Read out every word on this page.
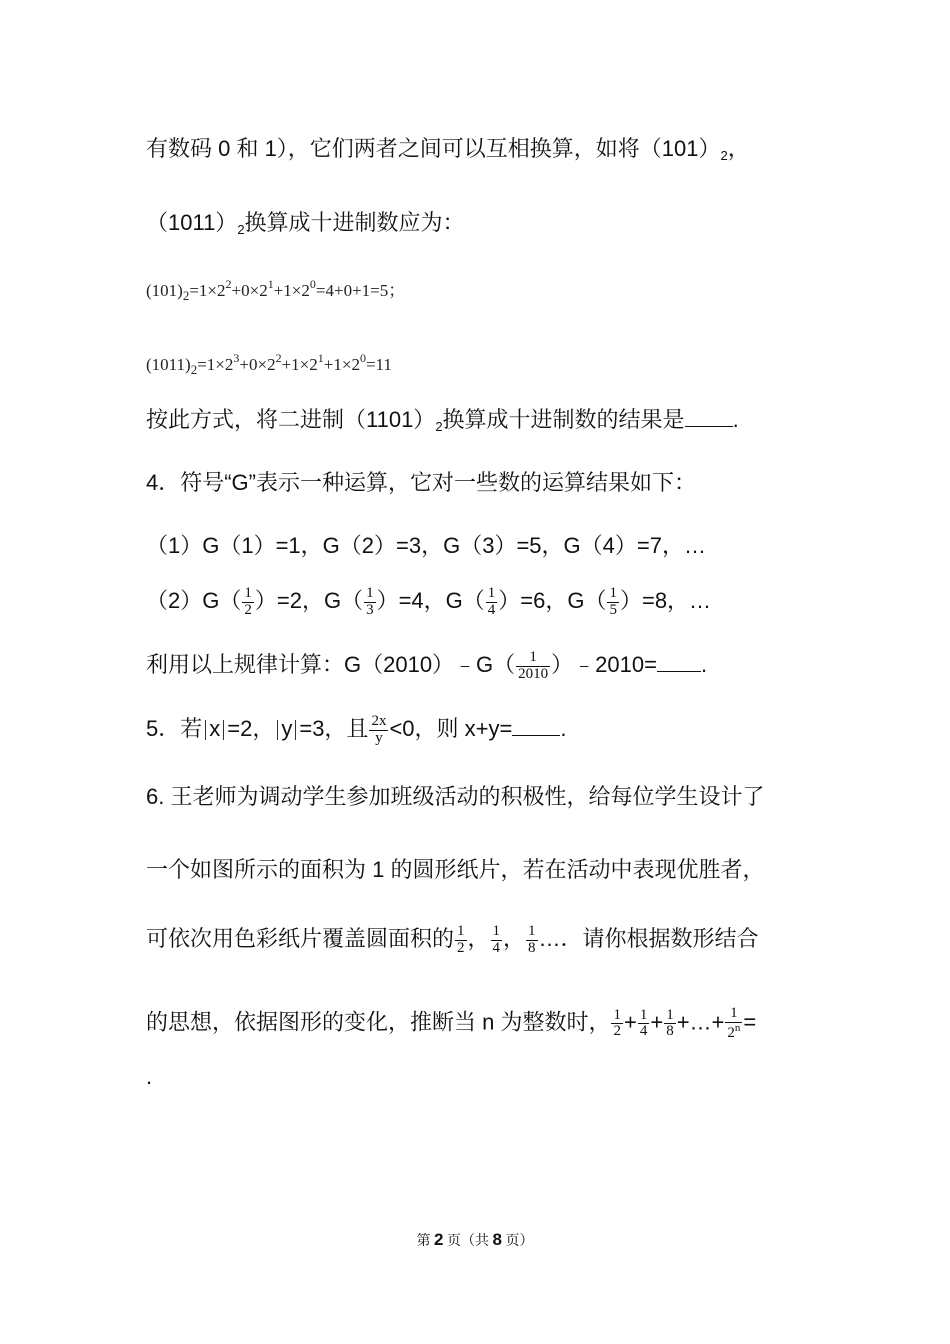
有数码 0 和 1），它们两者之间可以互相换算，如将$(101)_2$，
$(1011)_2$换算成十进制数应为：
$(101)_2=1\times 2^2+0\times 2^1+1\times 2^0=4+0+1=5$；
$(1011)_2=1\times 2^3+0\times 2^2+1\times 2^1+1\times 2^0=11$
按此方式，将二进制$(1101)_2$换算成十进制数的结果是 .
4．符号“G”表示一种运算，它对一些数的运算结果如下：
（1）G（1）=1，G（2）=3，G（3）=5，G（4）=7，…
$(2)G( \frac{1}{2} )=2$，$G( \frac{1}{3} )=4$，$G( \frac{1}{4} )=6$，$G( \frac{1}{5} )=8$，…
利用以上规律计算：G（2010）﹣G（ $\frac{1}{2010}$ ）﹣2010= .
5．若 x =2， y =3，且 $\frac{2x}{y} <0$，则 x+y= .
6. 王老师为调动学生参加班级活动的积极性，给每位学生设计了
一个如图所示的面积为 1 的圆形纸片，若在活动中表现优胜者，
可依次用色彩纸片覆盖圆面积的 $\frac{1}{2}$ ， $\frac{1}{4}$ ， $\frac{1}{8}$ …．请你根据数形结合
的思想，依据图形的变化，推断当 n 为整数时， $\frac{1}{2} + \frac{1}{4} + \frac{1}{8}$ +…+ $\frac{1}{2^n}$ =
.
第 2 页（共 8 页）
